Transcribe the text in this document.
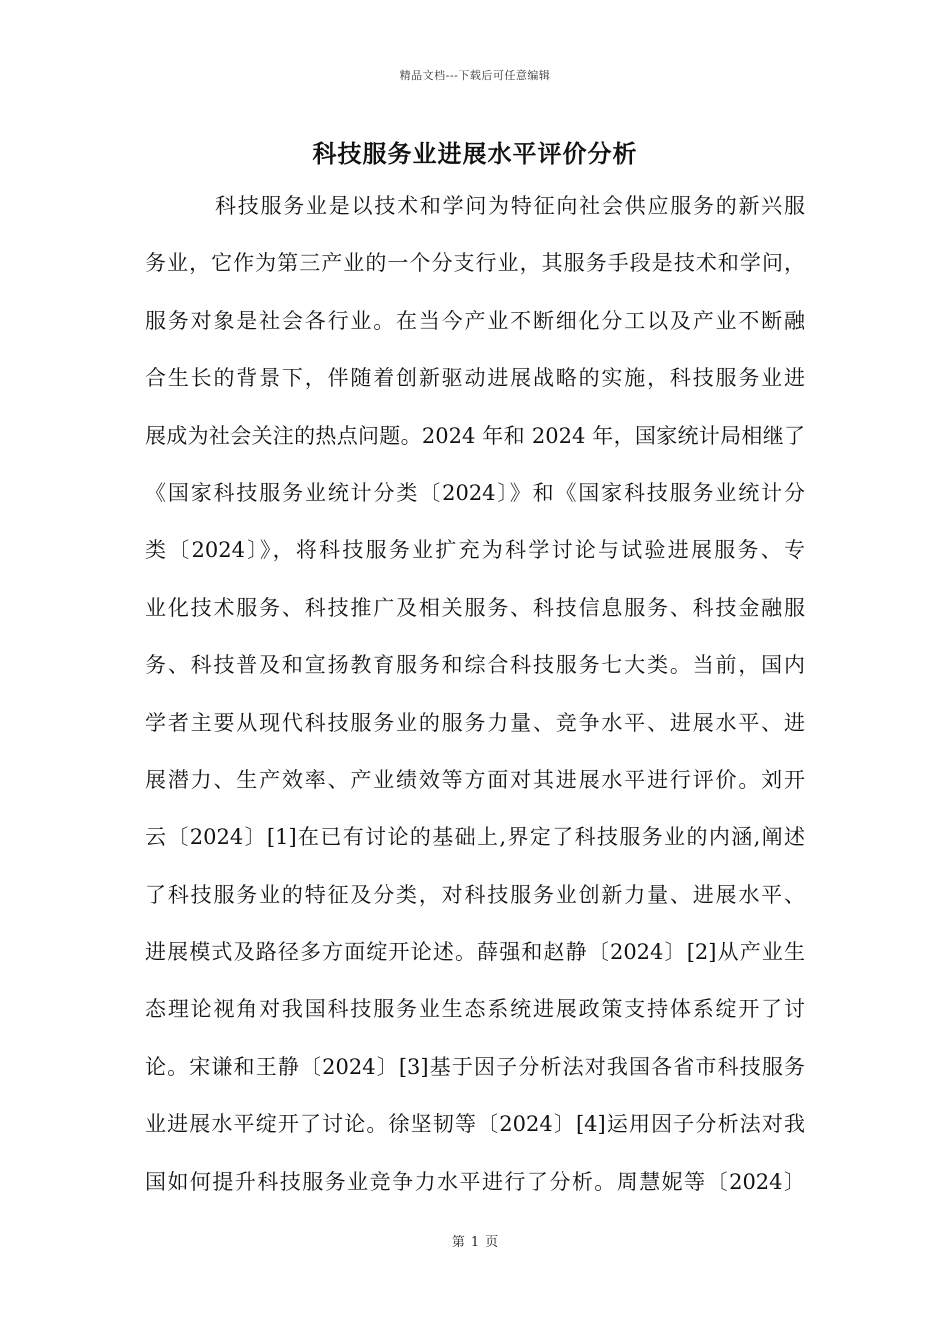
精品文档---下载后可任意编辑
科技服务业进展水平评价分析
科技服务业是以技术和学问为特征向社会供应服务的新兴服
务业，它作为第三产业的一个分支行业，其服务手段是技术和学问，
服务对象是社会各行业。在当今产业不断细化分工以及产业不断融
合生长的背景下，伴随着创新驱动进展战略的实施，科技服务业进
展成为社会关注的热点问题。2024 年和 2024 年，国家统计局相继了
《国家科技服务业统计分类〔2024〕》和《国家科技服务业统计分
类〔2024〕》，将科技服务业扩充为科学讨论与试验进展服务、专
业化技术服务、科技推广及相关服务、科技信息服务、科技金融服
务、科技普及和宣扬教育服务和综合科技服务七大类。当前，国内
学者主要从现代科技服务业的服务力量、竞争水平、进展水平、进
展潜力、生产效率、产业绩效等方面对其进展水平进行评价。刘开
云〔2024〕[1]在已有讨论的基础上,界定了科技服务业的内涵,阐述
了科技服务业的特征及分类，对科技服务业创新力量、进展水平、
进展模式及路径多方面绽开论述。薛强和赵静〔2024〕[2]从产业生
态理论视角对我国科技服务业生态系统进展政策支持体系绽开了讨
论。宋谦和王静〔2024〕[3]基于因子分析法对我国各省市科技服务
业进展水平绽开了讨论。徐坚韧等〔2024〕[4]运用因子分析法对我
国如何提升科技服务业竞争力水平进行了分析。周慧妮等〔2024〕
第 1 页
